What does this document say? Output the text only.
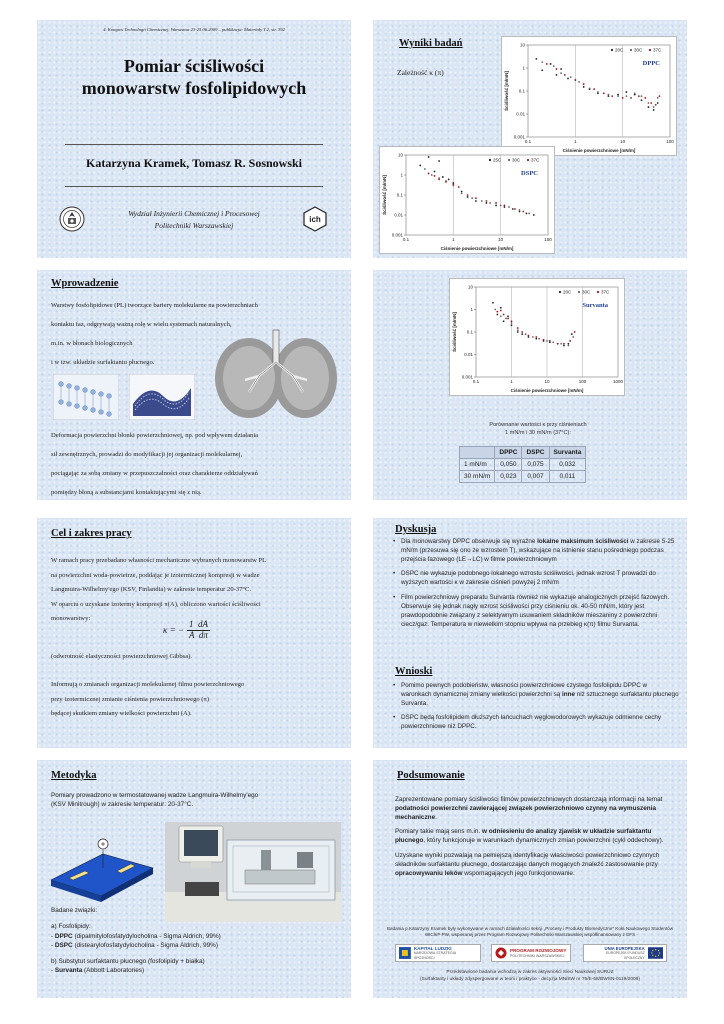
4. Kongres Technologii Chemicznej, Warszawa 23-25.06.2009 – publikacja: Materiały T.2, str. 392
Pomiar ściśliwości
monowarstw fosfolipidowych
Katarzyna Kramek, Tomasz R. Sosnowski
Wydział Inżynierii Chemicznej i Procesowej
Politechniki Warszawskiej
ich
Wyniki badań
Zależność κ (π)
0.1	1	10	100
0.001
0.01
0.1
1
10
Ciśnienie powierzchniowe [mN/m]
Ściśliwość [m/mN]
20C 30C 37C
DPPC
0.1	1	10	100
0.001
0.01
0.1
1
10
Ciśnienie powierzchniowe [mN/m]
Ściśliwość [m/mN]
25C 30C 37C
DSPC
Wprowadzenie
Warstwy fosfolipidowe (PL) tworzące bariery molekularne na powierzchniach
kontaktu faz, odgrywają ważną rolę w wielu systemach naturalnych,
m.in. w błonach biologicznych
i w tzw. układzie surfaktantu płucnego.
Deformacja powierzchni błonki powierzchniowej, np. pod wpływem działania
sił zewnętrznych, prowadzi do modyfikacji jej organizacji molekularnej,
pociągając za sobą zmiany w przepuszczalności oraz charakterze oddziaływań
pomiędzy błoną a substancjami kontaktującymi się z nią.
0.1	1	10	100	1000
0.001
0.01
0.1
1
10
Ciśnienie powierzchniowe [mN/m]
Ściśliwość [m/mN]
20C 30C 37C
Survanta
Porównanie wartości κ przy ciśnieniach
1 mN/m i 30 mN/m (37°C):
	DPPC	DSPC	Survanta
1 mN/m	0,050	0,075	0,032
30 mN/m	0,023	0,007	0,011
Cel i zakres pracy
W ramach pracy przebadano własności mechaniczne wybranych monowarstw PL
na powierzchni woda-powietrze, poddając je izotermicznej kompresji w wadze
Langmuira-Wilhelmy'ego (KSV, Finlandia) w zakresie temperatur 20-37°C.
W oparciu o uzyskane izotermy kompresji π(A), obliczono wartości ściśliwości
monowarstwy:
κ = − $\frac{1 dA}{\text{A  dπ}}$
(odwrotność elastyczności powierzchniowej Gibbsa).
Informują o zmianach organizacji molekularnej filmu powierzchniowego
przy izotermicznej zmianie ciśnienia powierzchniowego (π)
będącej skutkiem zmiany wielkości powierzchni (A).
Dyskusja
• Dla monowarstwy DPPC obserwuje się wyraźne lokalne maksimum ściśliwości w zakresie 5-25 mN/m (przesuwa się ono ze wzrostem T), wskazujące na istnienie stanu pośredniego podczas przejścia fazowego (LE→LC) w filmie powierzchniowym
• DSPC nie wykazuje podobnego lokalnego wzrostu ściśliwości, jednak wzrost T prowadzi do wyższych wartości κ w zakresie ciśnień powyżej 2 mN/m
• Film powierzchniowy preparatu Survanta również nie wykazuje analogicznych przejść fazowych. Obserwuje się jednak nagły wzrost ściśliwości przy ciśnieniu ok. 40-50 mN/m, który jest prawdopodobnie związany z selektywnym usuwaniem składników mieszaniny z powierzchni ciecz/gaz. Temperatura w niewielkim stopniu wpływa na przebieg κ(π) filmu Survanta.
Wnioski
• Pomimo pewnych podobieństw, własności powierzchniowe czystego fosfolipidu DPPC w warunkach dynamicznej zmiany wielkości powierzchni są inne niż sztucznego surfaktantu płucnego Survanta.
• DSPC będą fosfolipidem dłuższych łańcuchach węglowodorowych wykazuje odmienne cechy powierzchniowe niż DPPC.
Metodyka
Pomiary prowadzono w termostatowanej wadze Langmuira-Wilhelmy'ego
(KSV Minitrough) w zakresie temperatur: 20-37°C.
Badane związki:
a) Fosfolipidy:
- DPPC (dipalmitylofosfatydylocholina - Sigma Aldrich, 99%)
- DSPC (distearylofosfatydylocholina - Sigma Aldrich, 99%)
b) Substytut surfaktantu płucnego (fosfolipidy + białka)
- Survanta (Abbott Laboratories)
Podsumowanie

Zaprezentowane pomiary ściśliwości filmów powierzchniowych dostarczają informacji na temat podatności powierzchni zawierającej związek powierzchniowo czynny na wymuszenia mechaniczne.

Pomiary takie mają sens m.in. w odniesieniu do analizy zjawisk w układzie surfaktantu płucnego, który funkcjonuje w warunkach dynamicznych zmian powierzchni (cykl oddechowy).

Uzyskane wyniki pozwalają na pełniejszą identyfikację właściwości powierzchniowo czynnych składników surfaktantu płucnego, dostarczając danych mogących znaleźć zastosowanie przy opracowywaniu leków wspomagających jego funkcjonowanie.

Badania p.Katarzyny Kramek były wykonywane w ramach działalności sekcji „Procesy i Produkty Biomedyczne" Koła Naukowego Studentów WIChiP PW, wspieranej przez Program Rozwojowy Politechniki Warszawskiej współfinansowany z EFS
KAPITAŁ LUDZKI
NARODOWA STRATEGIA SPÓJNOŚCI
PROGRAM ROZWOJOWY
POLITECHNIKI WARSZAWSKIEJ
UNIA EUROPEJSKA
EUROPEJSKI FUNDUSZ SPOŁECZNY
Przedstawione badania wchodzą w zakres aktywności Sieci Naukowej SURUZ
(Surfaktanty i układy zdyspergowane w teorii i praktyce - decyzja MNiSW nr 75/E-68/BWSN-0119/2008)
